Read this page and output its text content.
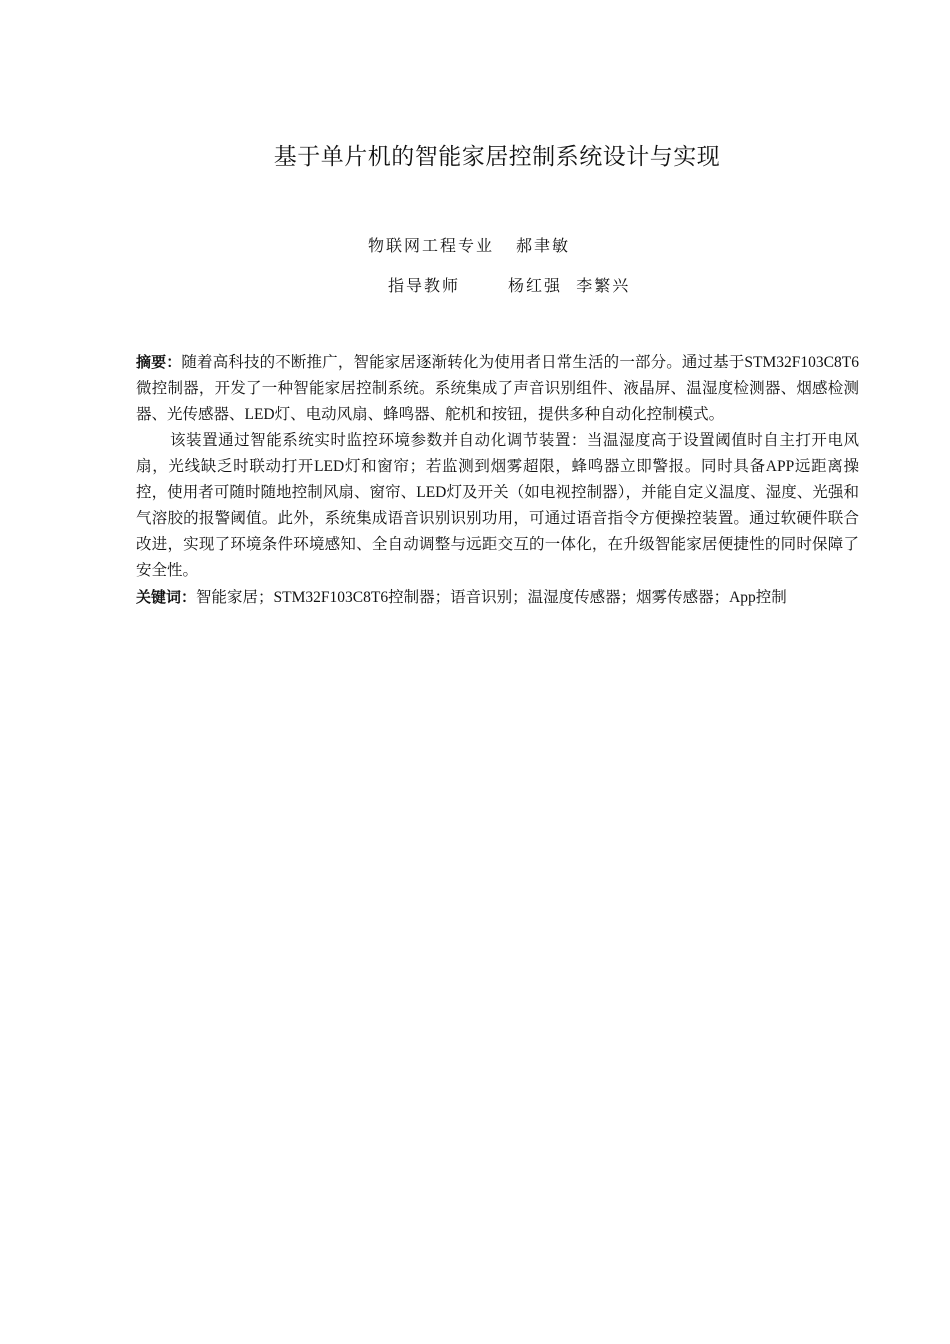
基于单片机的智能家居控制系统设计与实现
物联网工程专业 郝聿敏
指导教师	杨红强  李繁兴

摘要：随着高科技的不断推广，智能家居逐渐转化为使用者日常生活的一部分。通过基于STM32F103C8T6微控制器，开发了一种智能家居控制系统。系统集成了声音识别组件、液晶屏、温湿度检测器、烟感检测器、光传感器、LED灯、电动风扇、蜂鸣器、舵机和按钮，提供多种自动化控制模式。

该装置通过智能系统实时监控环境参数并自动化调节装置：当温湿度高于设置阈值时自主打开电风扇，光线缺乏时联动打开LED灯和窗帘；若监测到烟雾超限，蜂鸣器立即警报。同时具备APP远距离操控，使用者可随时随地控制风扇、窗帘、LED灯及开关（如电视控制器），并能自定义温度、湿度、光强和气溶胶的报警阈值。此外，系统集成语音识别识别功用，可通过语音指令方便操控装置。通过软硬件联合改进，实现了环境条件环境感知、全自动调整与远距交互的一体化，在升级智能家居便捷性的同时保障了安全性。

关键词：智能家居；STM32F103C8T6控制器；语音识别；温湿度传感器；烟雾传感器；App控制
